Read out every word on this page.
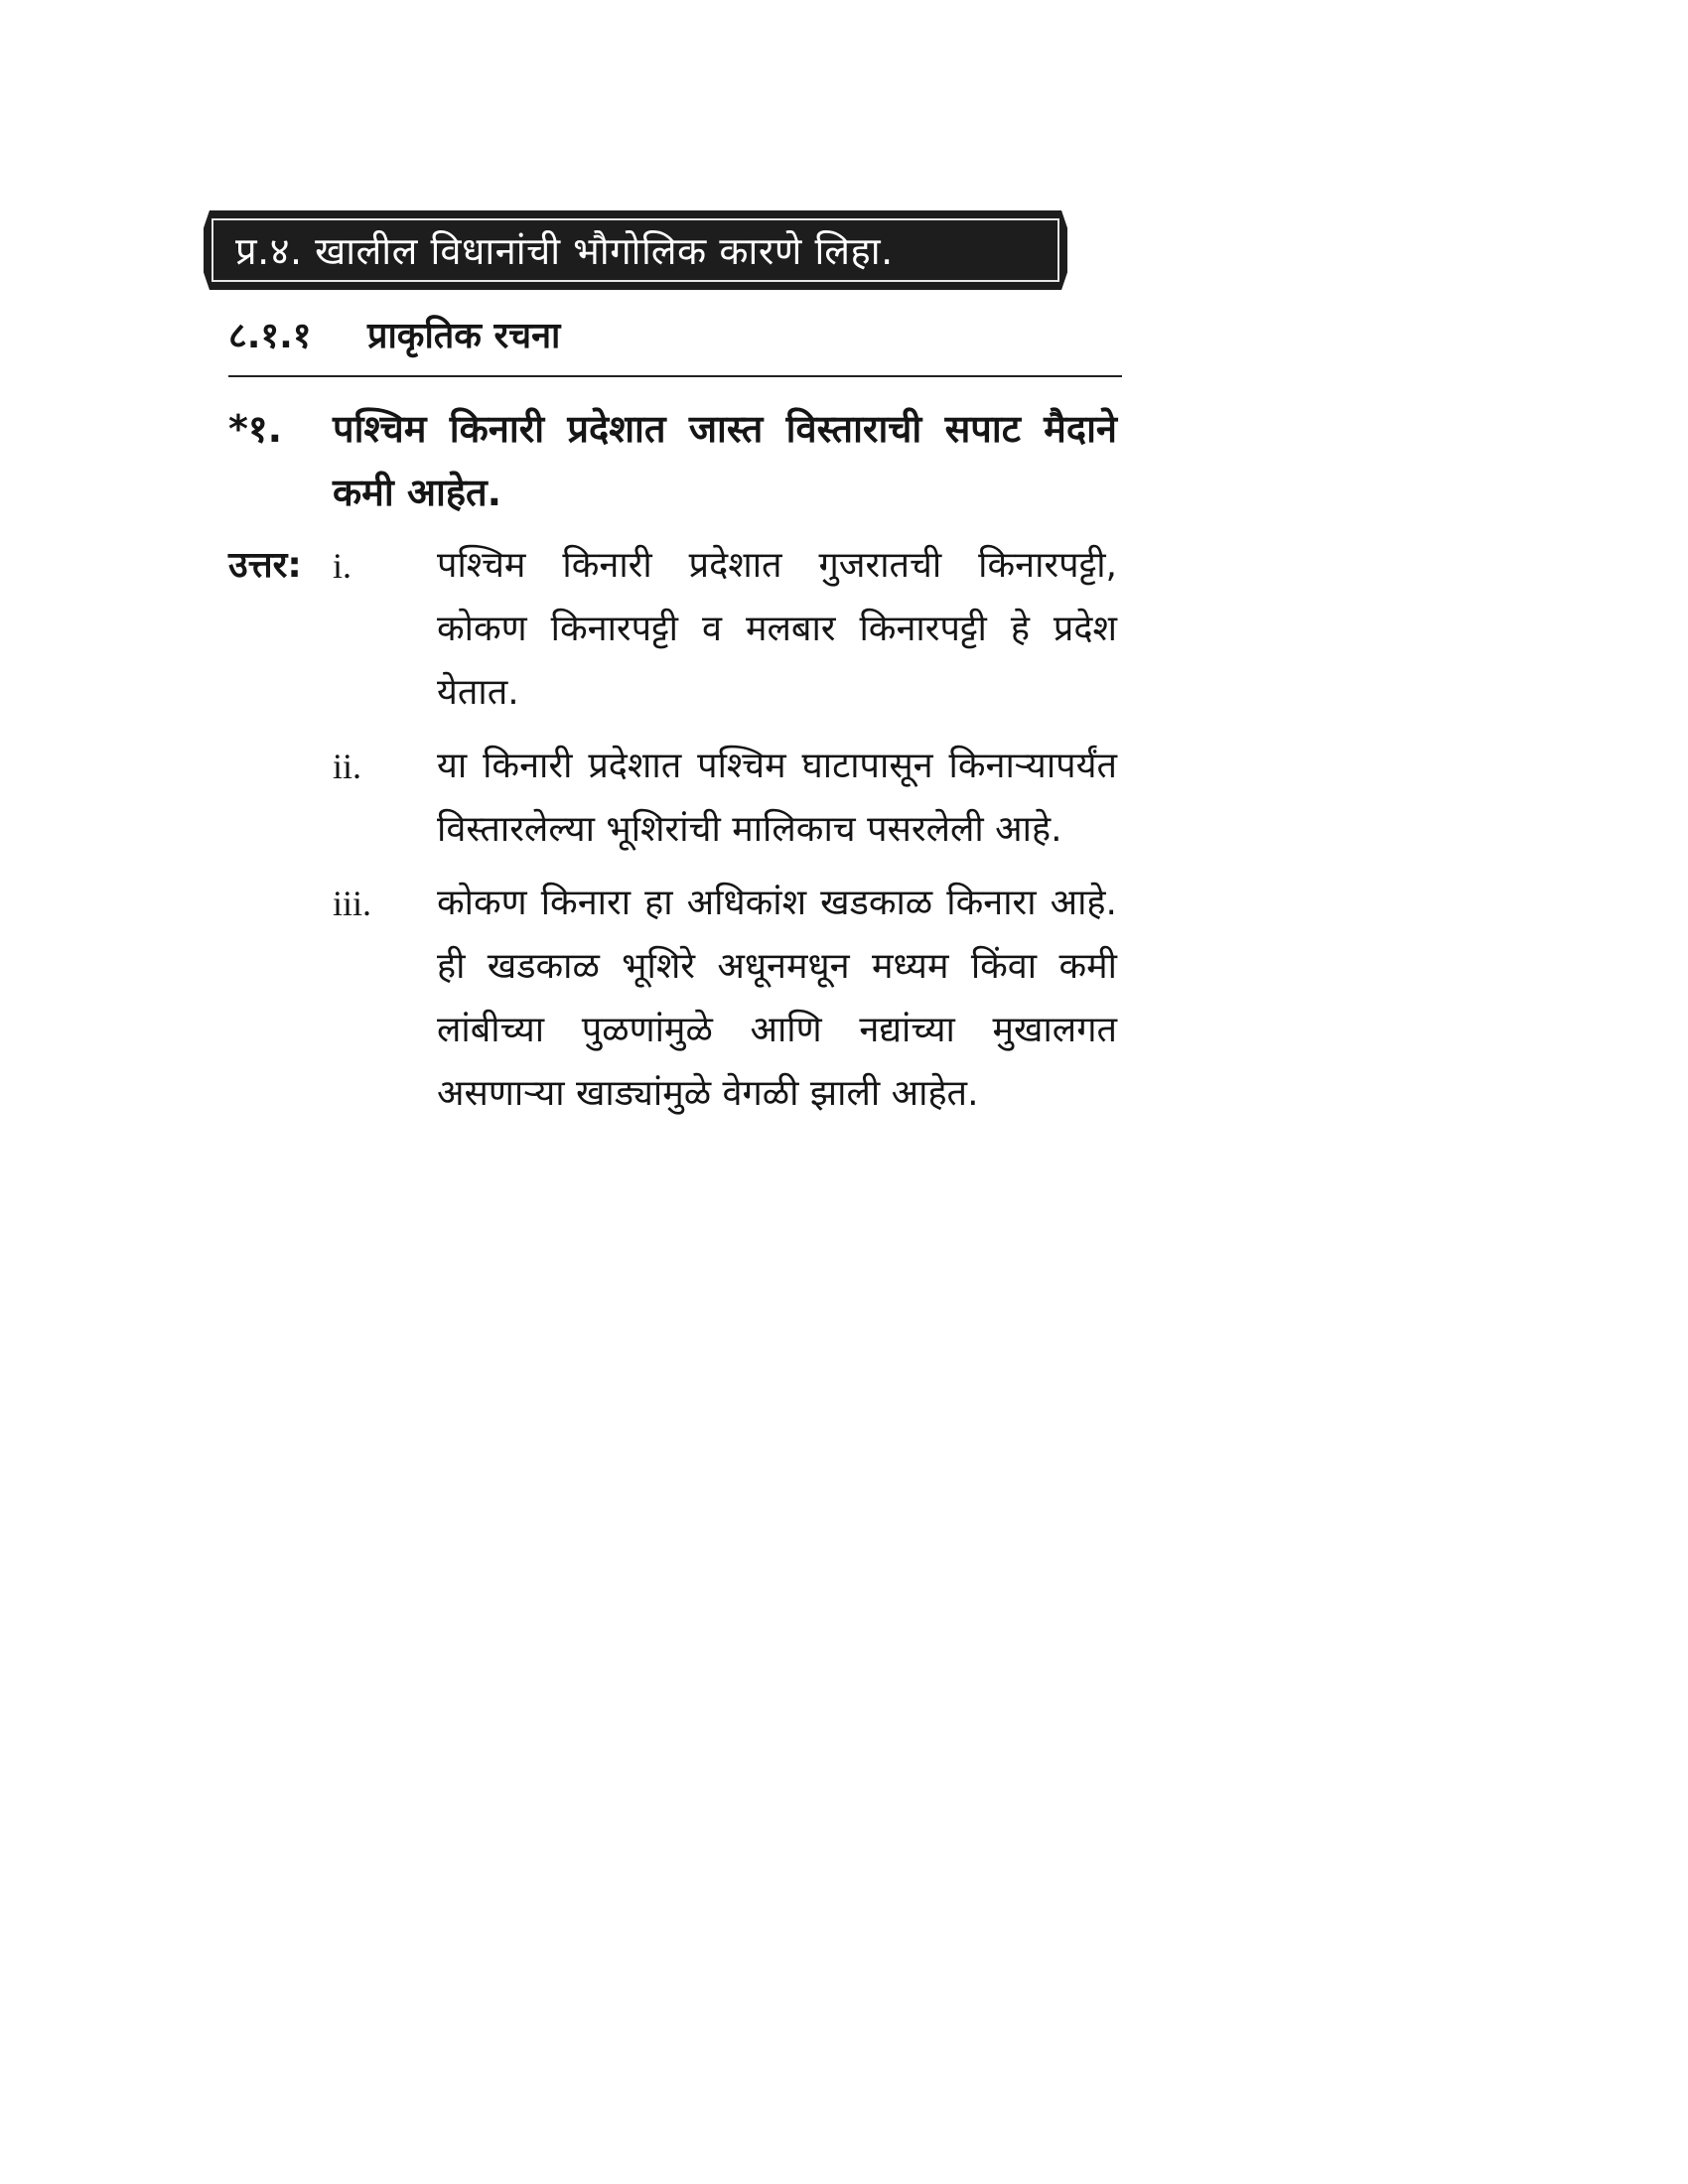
प्र.४. खालील विधानांची भौगोलिक कारणे लिहा.
८.१.१	प्राकृतिक रचना
*१.	पश्चिम किनारी प्रदेशात जास्त विस्ताराची सपाट मैदाने कमी आहेत.
उत्तर: i.	पश्चिम किनारी प्रदेशात गुजरातची किनारपट्टी, कोकण किनारपट्टी व मलबार किनारपट्टी हे प्रदेश येतात.
ii.	या किनारी प्रदेशात पश्चिम घाटापासून किनाऱ्यापर्यंत विस्तारलेल्या भूशिरांची मालिकाच पसरलेली आहे.
iii.	कोकण किनारा हा अधिकांश खडकाळ किनारा आहे. ही खडकाळ भूशिरे अधूनमधून मध्यम किंवा कमी लांबीच्या पुळणांमुळे आणि नद्यांच्या मुखालगत असणाऱ्या खाड्यांमुळे वेगळी झाली आहेत.
